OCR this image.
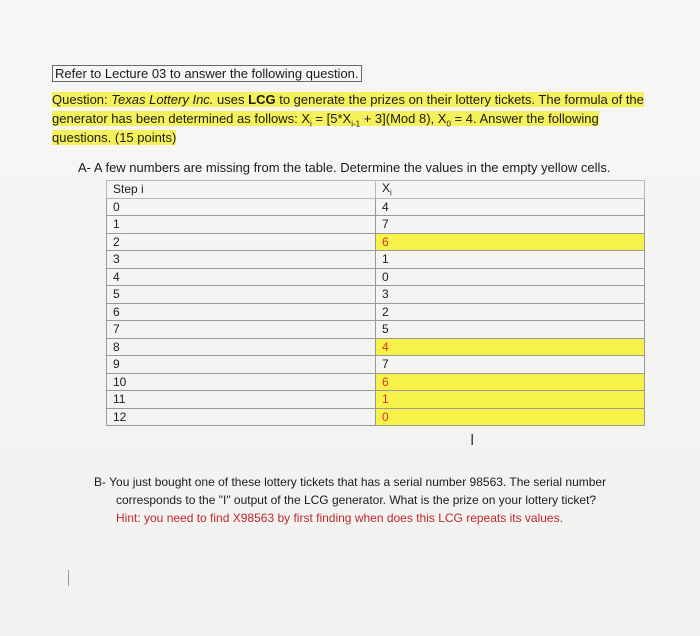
Refer to Lecture 03 to answer the following question.
Question: Texas Lottery Inc. uses LCG to generate the prizes on their lottery tickets. The formula of the
generator has been determined as follows: $X_i = [5*X_{i-1} + 3](Mod$ 8), $X_0 = 4$. Answer the following
questions. (15 points)
A- A few numbers are missing from the table. Determine the values in the empty yellow cells.
Step i	$X_i$
0	4
1	7
2	6
3	1
4	0
5	3
6	2
7	5
8	4
9	7
10	6
11	1
12	0
I
B- You just bought one of these lottery tickets that has a serial number 98563. The serial number
corresponds to the "I" output of the LCG generator. What is the prize on your lottery ticket?
Hint: you need to find X98563 by first finding when does this LCG repeats its values.
